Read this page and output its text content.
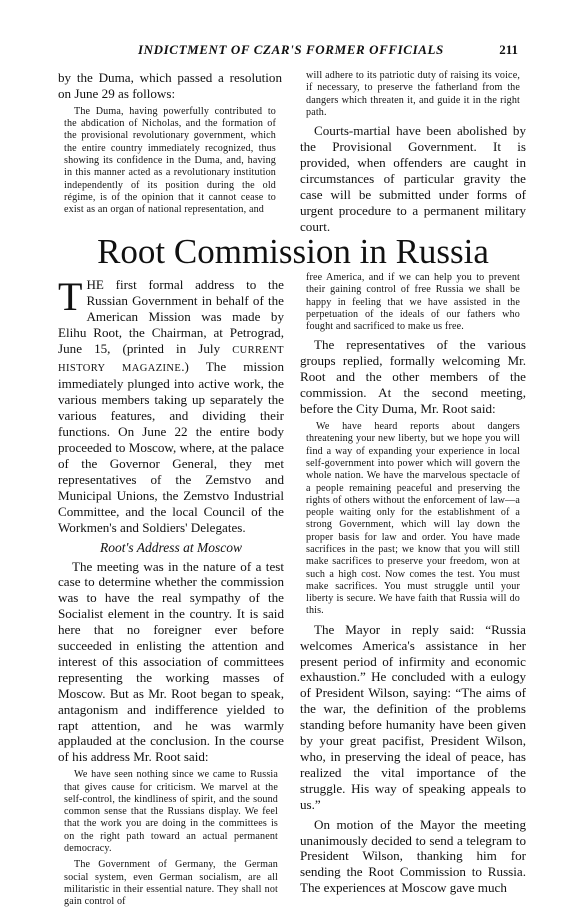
INDICTMENT OF CZAR'S FORMER OFFICIALS	211

by the Duma, which passed a resolution on June 29 as follows:

The Duma, having powerfully contributed to the abdication of Nicholas, and the formation of the provisional revolutionary government, which the entire country immediately recognized, thus showing its confidence in the Duma, and, having in this manner acted as a revolutionary institution independently of its position during the old régime, is of the opinion that it cannot cease to exist as an organ of national representation, and

will adhere to its patriotic duty of raising its voice, if necessary, to preserve the fatherland from the dangers which threaten it, and guide it in the right path.

Courts-martial have been abolished by the Provisional Government. It is provided, when offenders are caught in circumstances of particular gravity the case will be submitted under forms of urgent procedure to a permanent military court.

Root Commission in Russia

THE first formal address to the Russian Government in behalf of the American Mission was made by Elihu Root, the Chairman, at Petrograd, June 15, (printed in July CURRENT HISTORY MAGAZINE.) The mission immediately plunged into active work, the various members taking up separately the various features, and dividing their functions. On June 22 the entire body proceeded to Moscow, where, at the palace of the Governor General, they met representatives of the Zemstvo and Municipal Unions, the Zemstvo Industrial Committee, and the local Council of the Workmen's and Soldiers' Delegates.

Root's Address at Moscow

The meeting was in the nature of a test case to determine whether the commission was to have the real sympathy of the Socialist element in the country. It is said here that no foreigner ever before succeeded in enlisting the attention and interest of this association of committees representing the working masses of Moscow. But as Mr. Root began to speak, antagonism and indifference yielded to rapt attention, and he was warmly applauded at the conclusion. In the course of his address Mr. Root said:

We have seen nothing since we came to Russia that gives cause for criticism. We marvel at the self-control, the kindliness of spirit, and the sound common sense that the Russians display. We feel that the work you are doing in the committees is on the right path toward an actual permanent democracy.

The Government of Germany, the German social system, even German socialism, are all militaristic in their essential nature. They shall not gain control of

free America, and if we can help you to prevent their gaining control of free Russia we shall be happy in feeling that we have assisted in the perpetuation of the ideals of our fathers who fought and sacrificed to make us free.

The representatives of the various groups replied, formally welcoming Mr. Root and the other members of the commission. At the second meeting, before the City Duma, Mr. Root said:

We have heard reports about dangers threatening your new liberty, but we hope you will find a way of expanding your experience in local self-government into power which will govern the whole nation. We have the marvelous spectacle of a people remaining peaceful and preserving the rights of others without the enforcement of law—a people waiting only for the establishment of a strong Government, which will lay down the proper basis for law and order. You have made sacrifices in the past; we know that you will still make sacrifices to preserve your freedom, won at such a high cost. Now comes the test. You must make sacrifices. You must struggle until your liberty is secure. We have faith that Russia will do this.

The Mayor in reply said: “Russia welcomes America's assistance in her present period of infirmity and economic exhaustion.” He concluded with a eulogy of President Wilson, saying: “The aims of the war, the definition of the problems standing before humanity have been given by your great pacifist, President Wilson, who, in preserving the ideal of peace, has realized the vital importance of the struggle. His way of speaking appeals to us.”

On motion of the Mayor the meeting unanimously decided to send a telegram to President Wilson, thanking him for sending the Root Commission to Russia. The experiences at Moscow gave much
